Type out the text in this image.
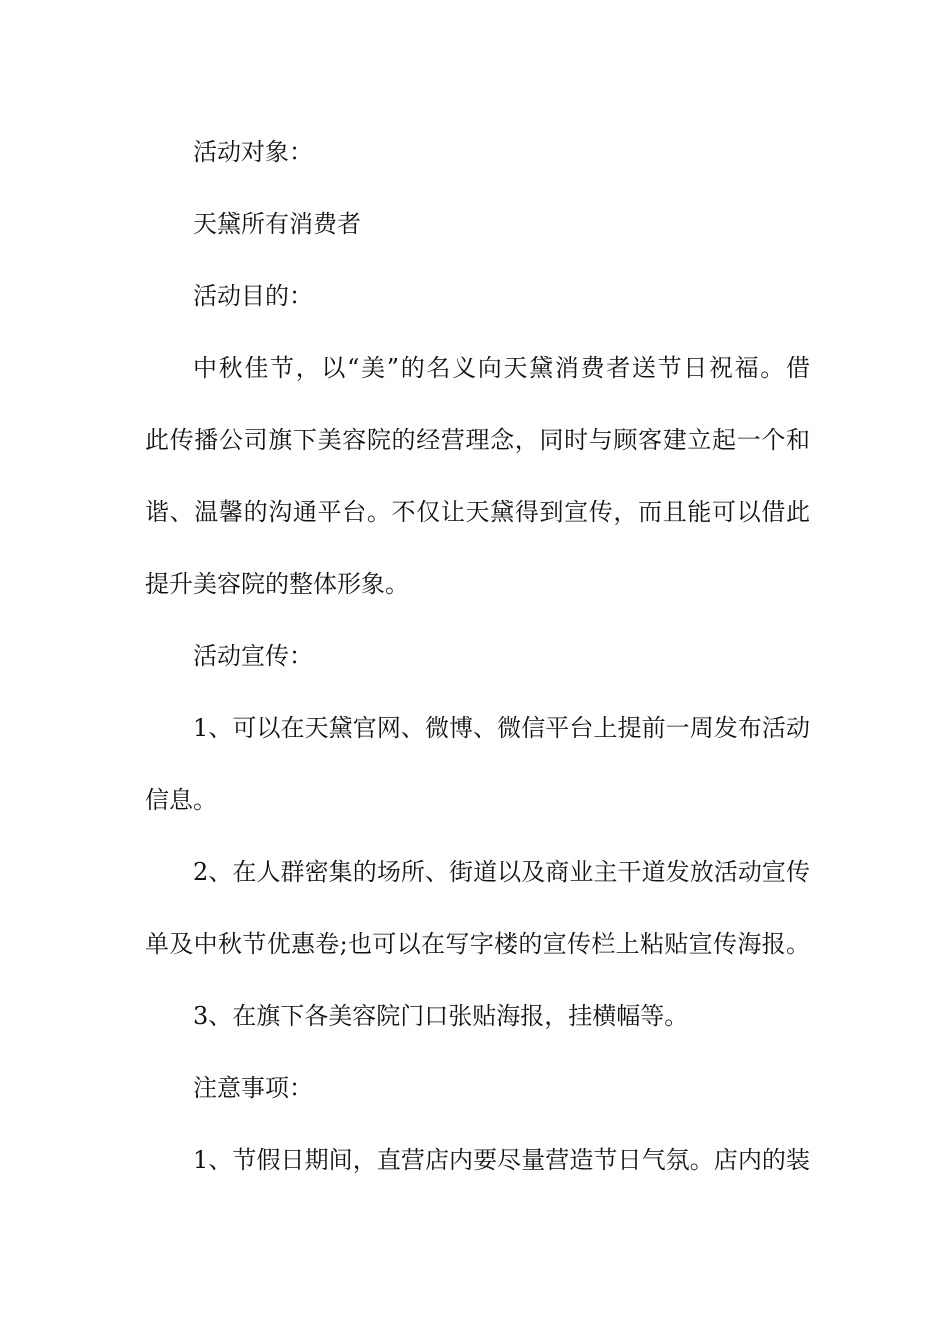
活动对象：
天黛所有消费者
活动目的：
中秋佳节，以“美”的名义向天黛消费者送节日祝福。借
此传播公司旗下美容院的经营理念，同时与顾客建立起一个和
谐、温馨的沟通平台。不仅让天黛得到宣传，而且能可以借此
提升美容院的整体形象。
活动宣传：
1、可以在天黛官网、微博、微信平台上提前一周发布活动
信息。
2、在人群密集的场所、街道以及商业主干道发放活动宣传
单及中秋节优惠卷;也可以在写字楼的宣传栏上粘贴宣传海报。
3、在旗下各美容院门口张贴海报，挂横幅等。
注意事项：
1、节假日期间，直营店内要尽量营造节日气氛。店内的装
